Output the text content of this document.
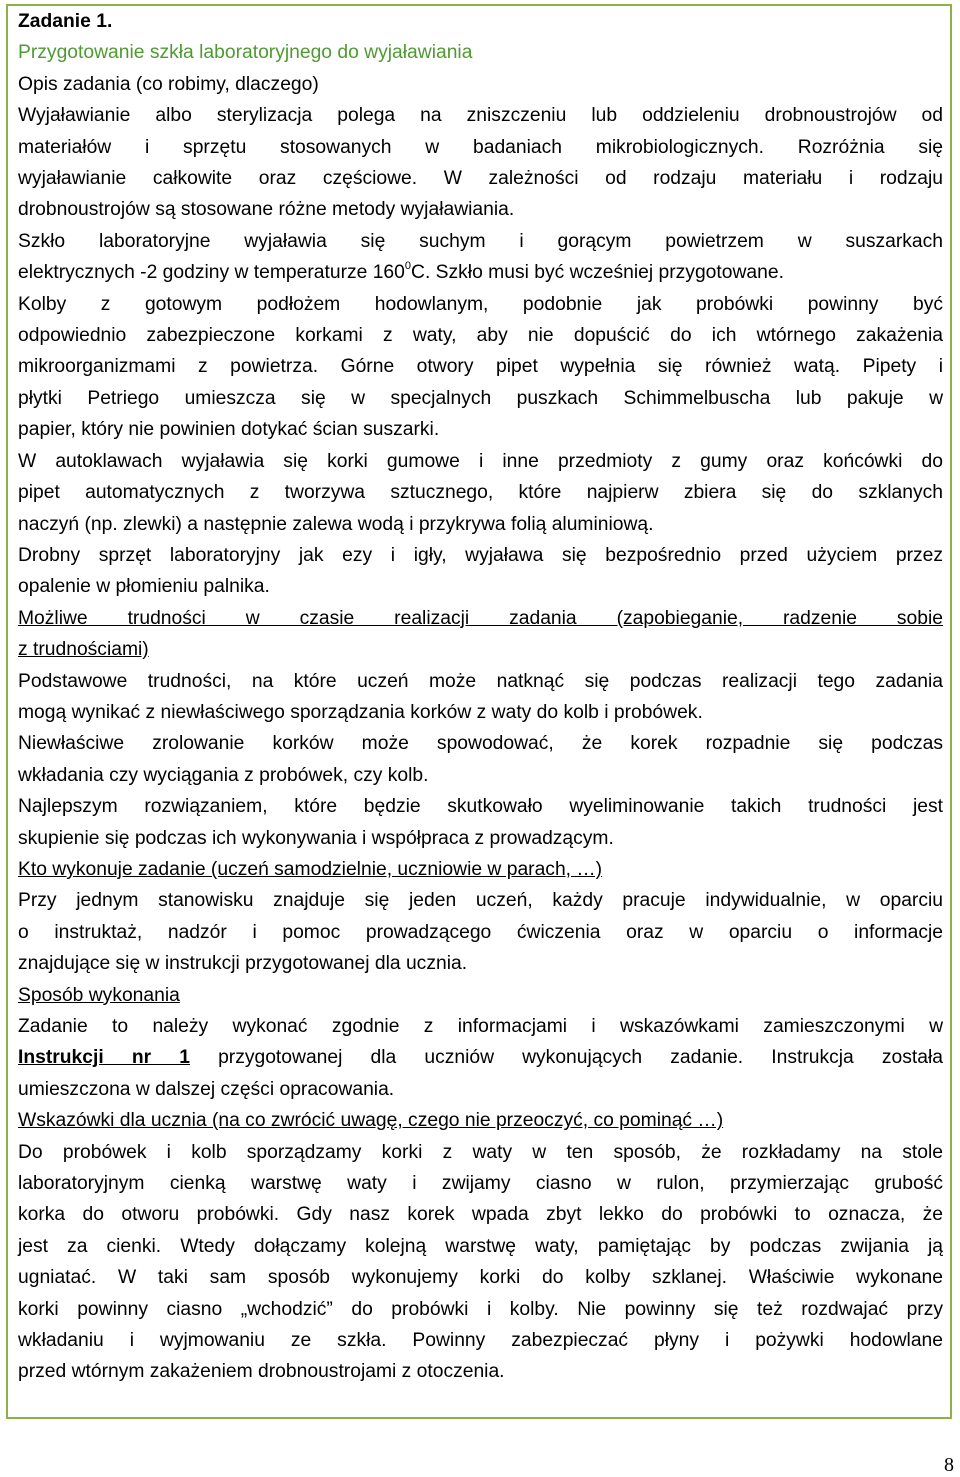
Zadanie 1.
Przygotowanie szkła laboratoryjnego do wyjaławiania
Opis zadania (co robimy, dlaczego)
Wyjaławianie albo sterylizacja polega na zniszczeniu lub oddzieleniu drobnoustrojów od
materiałów i sprzętu stosowanych w badaniach mikrobiologicznych. Rozróżnia się
wyjaławianie całkowite oraz częściowe. W zależności od rodzaju materiału i rodzaju
drobnoustrojów są stosowane różne metody wyjaławiania.
Szkło laboratoryjne wyjaławia się suchym i gorącym powietrzem w suszarkach
elektrycznych -2 godziny w temperaturze $160^0C$. Szkło musi być wcześniej przygotowane.
Kolby z gotowym podłożem hodowlanym, podobnie jak probówki powinny być
odpowiednio zabezpieczone korkami z waty, aby nie dopuścić do ich wtórnego zakażenia
mikroorganizmami z powietrza. Górne otwory pipet wypełnia się również watą. Pipety i
płytki Petriego umieszcza się w specjalnych puszkach Schimmelbuscha lub pakuje w
papier, który nie powinien dotykać ścian suszarki.
W autoklawach wyjaławia się korki gumowe i inne przedmioty z gumy oraz końcówki do
pipet automatycznych z tworzywa sztucznego, które najpierw zbiera się do szklanych
naczyń (np. zlewki) a następnie zalewa wodą i przykrywa folią aluminiową.
Drobny sprzęt laboratoryjny jak ezy i igły, wyjaława się bezpośrednio przed użyciem przez
opalenie w płomieniu palnika.
Możliwe trudności w czasie realizacji zadania (zapobieganie, radzenie sobie
z trudnościami)
Podstawowe trudności, na które uczeń może natknąć się podczas realizacji tego zadania
mogą wynikać z niewłaściwego sporządzania korków z waty do kolb i probówek.
Niewłaściwe zrolowanie korków może spowodować, że korek rozpadnie się podczas
wkładania czy wyciągania z probówek, czy kolb.
Najlepszym rozwiązaniem, które będzie skutkowało wyeliminowanie takich trudności jest
skupienie się podczas ich wykonywania i współpraca z prowadzącym.
Kto wykonuje zadanie (uczeń samodzielnie, uczniowie w parach, …)
Przy jednym stanowisku znajduje się jeden uczeń, każdy pracuje indywidualnie, w oparciu
o instruktaż, nadzór i pomoc prowadzącego ćwiczenia oraz w oparciu o informacje
znajdujące się w instrukcji przygotowanej dla ucznia.
Sposób wykonania
Zadanie to należy wykonać zgodnie z informacjami i wskazówkami zamieszczonymi w
Instrukcji nr 1 przygotowanej dla uczniów wykonujących zadanie. Instrukcja została
umieszczona w dalszej części opracowania.
Wskazówki dla ucznia (na co zwrócić uwagę, czego nie przeoczyć, co pominąć …)
Do probówek i kolb sporządzamy korki z waty w ten sposób, że rozkładamy na stole
laboratoryjnym cienką warstwę waty i zwijamy ciasno w rulon, przymierzając grubość
korka do otworu probówki. Gdy nasz korek wpada zbyt lekko do probówki to oznacza, że
jest za cienki. Wtedy dołączamy kolejną warstwę waty, pamiętając by podczas zwijania ją
ugniatać. W taki sam sposób wykonujemy korki do kolby szklanej. Właściwie wykonane
korki powinny ciasno „wchodzić” do probówki i kolby. Nie powinny się też rozdwajać przy
wkładaniu i wyjmowaniu ze szkła. Powinny zabezpieczać płyny i pożywki hodowlane
przed wtórnym zakażeniem drobnoustrojami z otoczenia.
8
